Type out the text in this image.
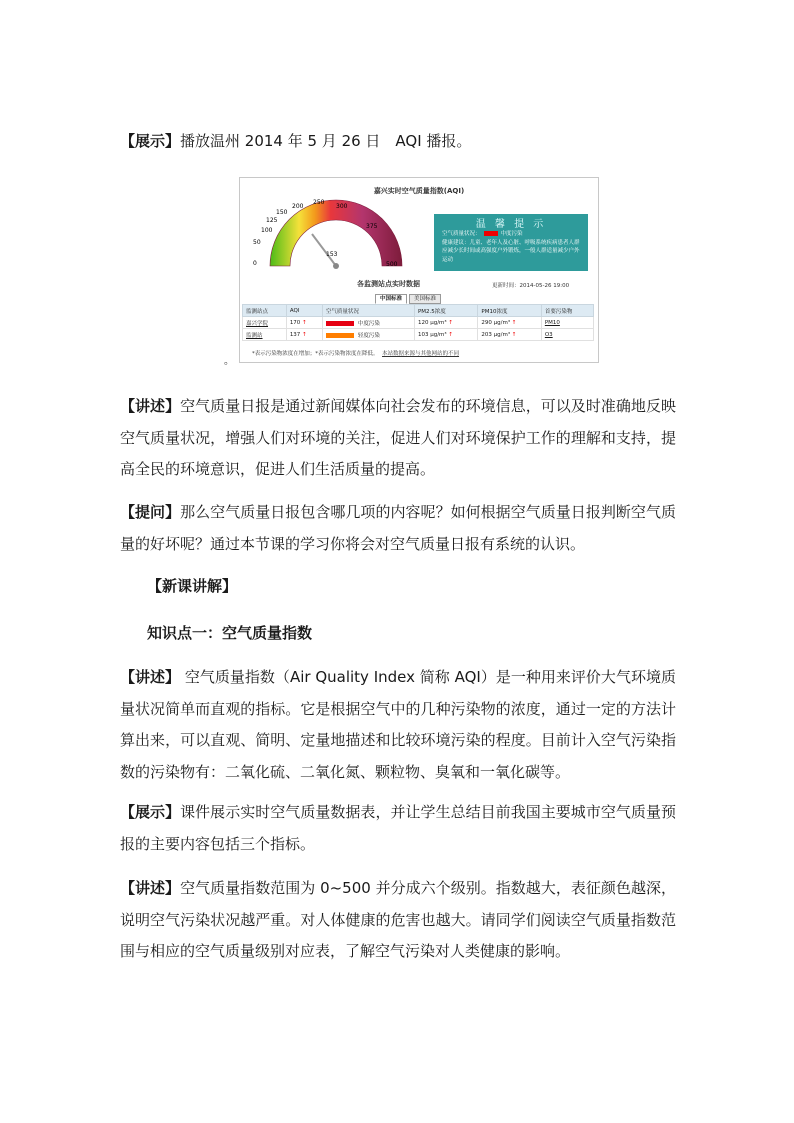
【展示】播放温州 2014 年 5 月 26 日　AQI 播报。

嘉兴实时空气质量指数(AQI)
0
50
100
125
150
200
250
300
375
500
153
温 馨 提 示
空气质量状况：	中度污染
健康建议：儿童、老年人及心脏、呼吸系统疾病患者人群应减少长时间或高强度户外锻炼，一般人群适量减少户外运动
各监测站点实时数据	更新时间：2014-05-26 19:00
中国标准	美国标准
监测站点	AQI	空气质量状况	PM2.5浓度	PM10浓度	首要污染物
嘉兴学院	170 ↑	中度污染	120 μg/m³ ↑	290 μg/m³ ↑	PM10
监测站	137 ↑	轻度污染	103 μg/m³ ↑	203 μg/m³ ↑	O3
*表示污染物浓度在增加；*表示污染物浓度在降低。 本站数据来源与其他网站的不同
。

【讲述】空气质量日报是通过新闻媒体向社会发布的环境信息，可以及时准确地反映空气质量状况，增强人们对环境的关注，促进人们对环境保护工作的理解和支持，提高全民的环境意识，促进人们生活质量的提高。

【提问】那么空气质量日报包含哪几项的内容呢？如何根据空气质量日报判断空气质量的好坏呢？通过本节课的学习你将会对空气质量日报有系统的认识。

【新课讲解】
知识点一：空气质量指数

【讲述】 空气质量指数（Air Quality Index 简称 AQI）是一种用来评价大气环境质量状况简单而直观的指标。它是根据空气中的几种污染物的浓度，通过一定的方法计算出来，可以直观、简明、定量地描述和比较环境污染的程度。目前计入空气污染指数的污染物有：二氧化硫、二氧化氮、颗粒物、臭氧和一氧化碳等。

【展示】课件展示实时空气质量数据表，并让学生总结目前我国主要城市空气质量预报的主要内容包括三个指标。

【讲述】空气质量指数范围为 0~500 并分成六个级别。指数越大，表征颜色越深，说明空气污染状况越严重。对人体健康的危害也越大。请同学们阅读空气质量指数范围与相应的空气质量级别对应表，了解空气污染对人类健康的影响。
